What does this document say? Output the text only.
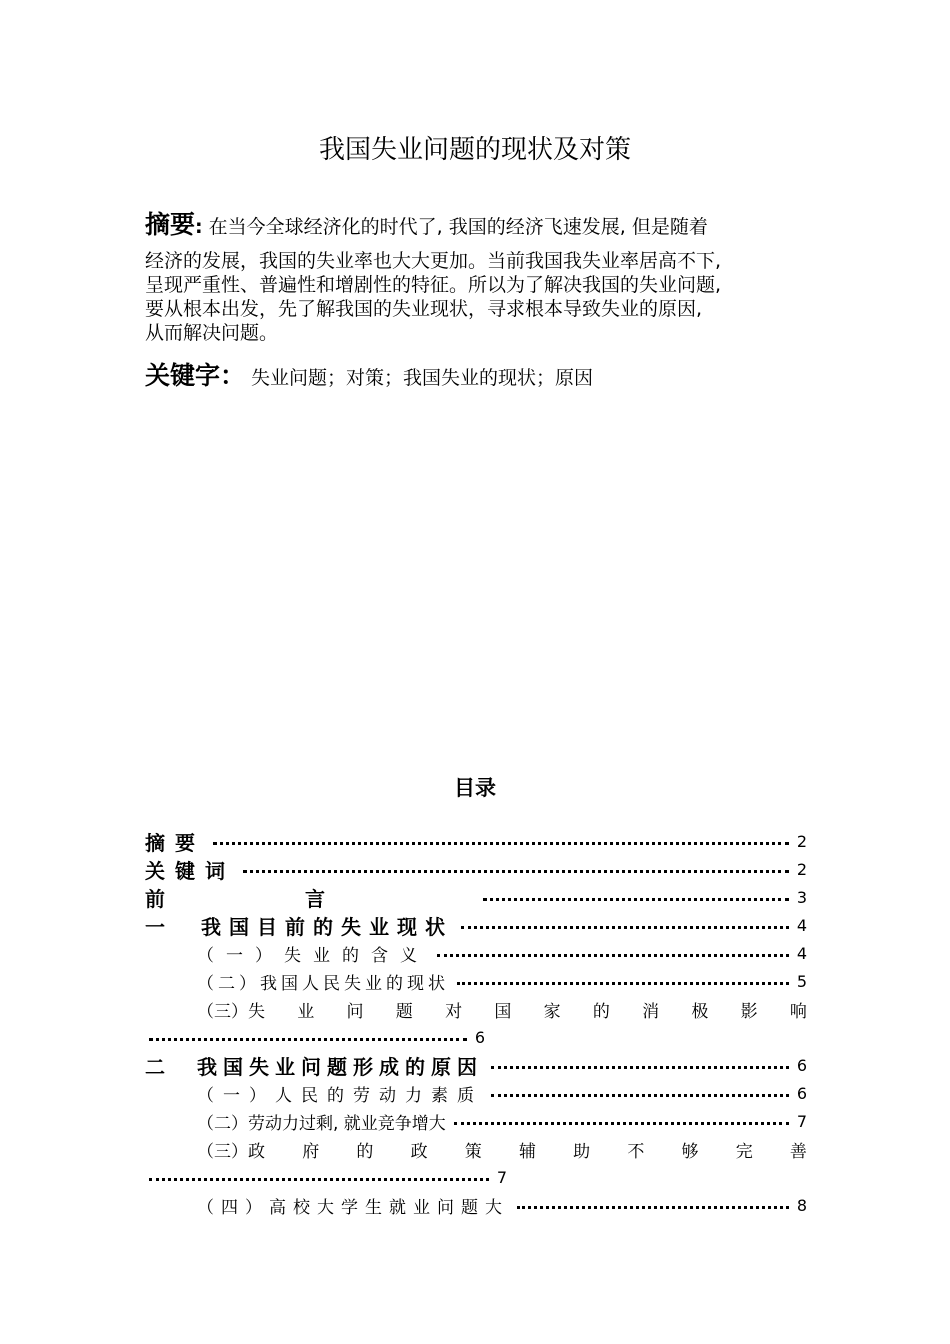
我国失业问题的现状及对策
摘要: 在当今全球经济化的时代了, 我国的经济飞速发展, 但是随着
经济的发展，我国的失业率也大大更加。当前我国我失业率居高不下,
呈现严重性、普遍性和增剧性的特征。所以为了解决我国的失业问题,
要从根本出发，先了解我国的失业现状，寻求根本导致失业的原因,
从而解决问题。
关键字： 失业问题；对策；我国失业的现状；原因
目录
摘要	2
关键词	2
前	言	3
一　我国目前的失业现状	4
（一）失业的含义	4
（二）我国人民失业的现状	5
（三）失 业 问 题 对 国 家 的 消 极 影 响
6
二　我国失业问题形成的原因	6
（一）人民的劳动力素质	6
（二）劳动力过剩, 就业竞争增大	7
（三）政 府 的 政 策 辅 助 不 够 完 善
7
（四）高校大学生就业问题大	8
